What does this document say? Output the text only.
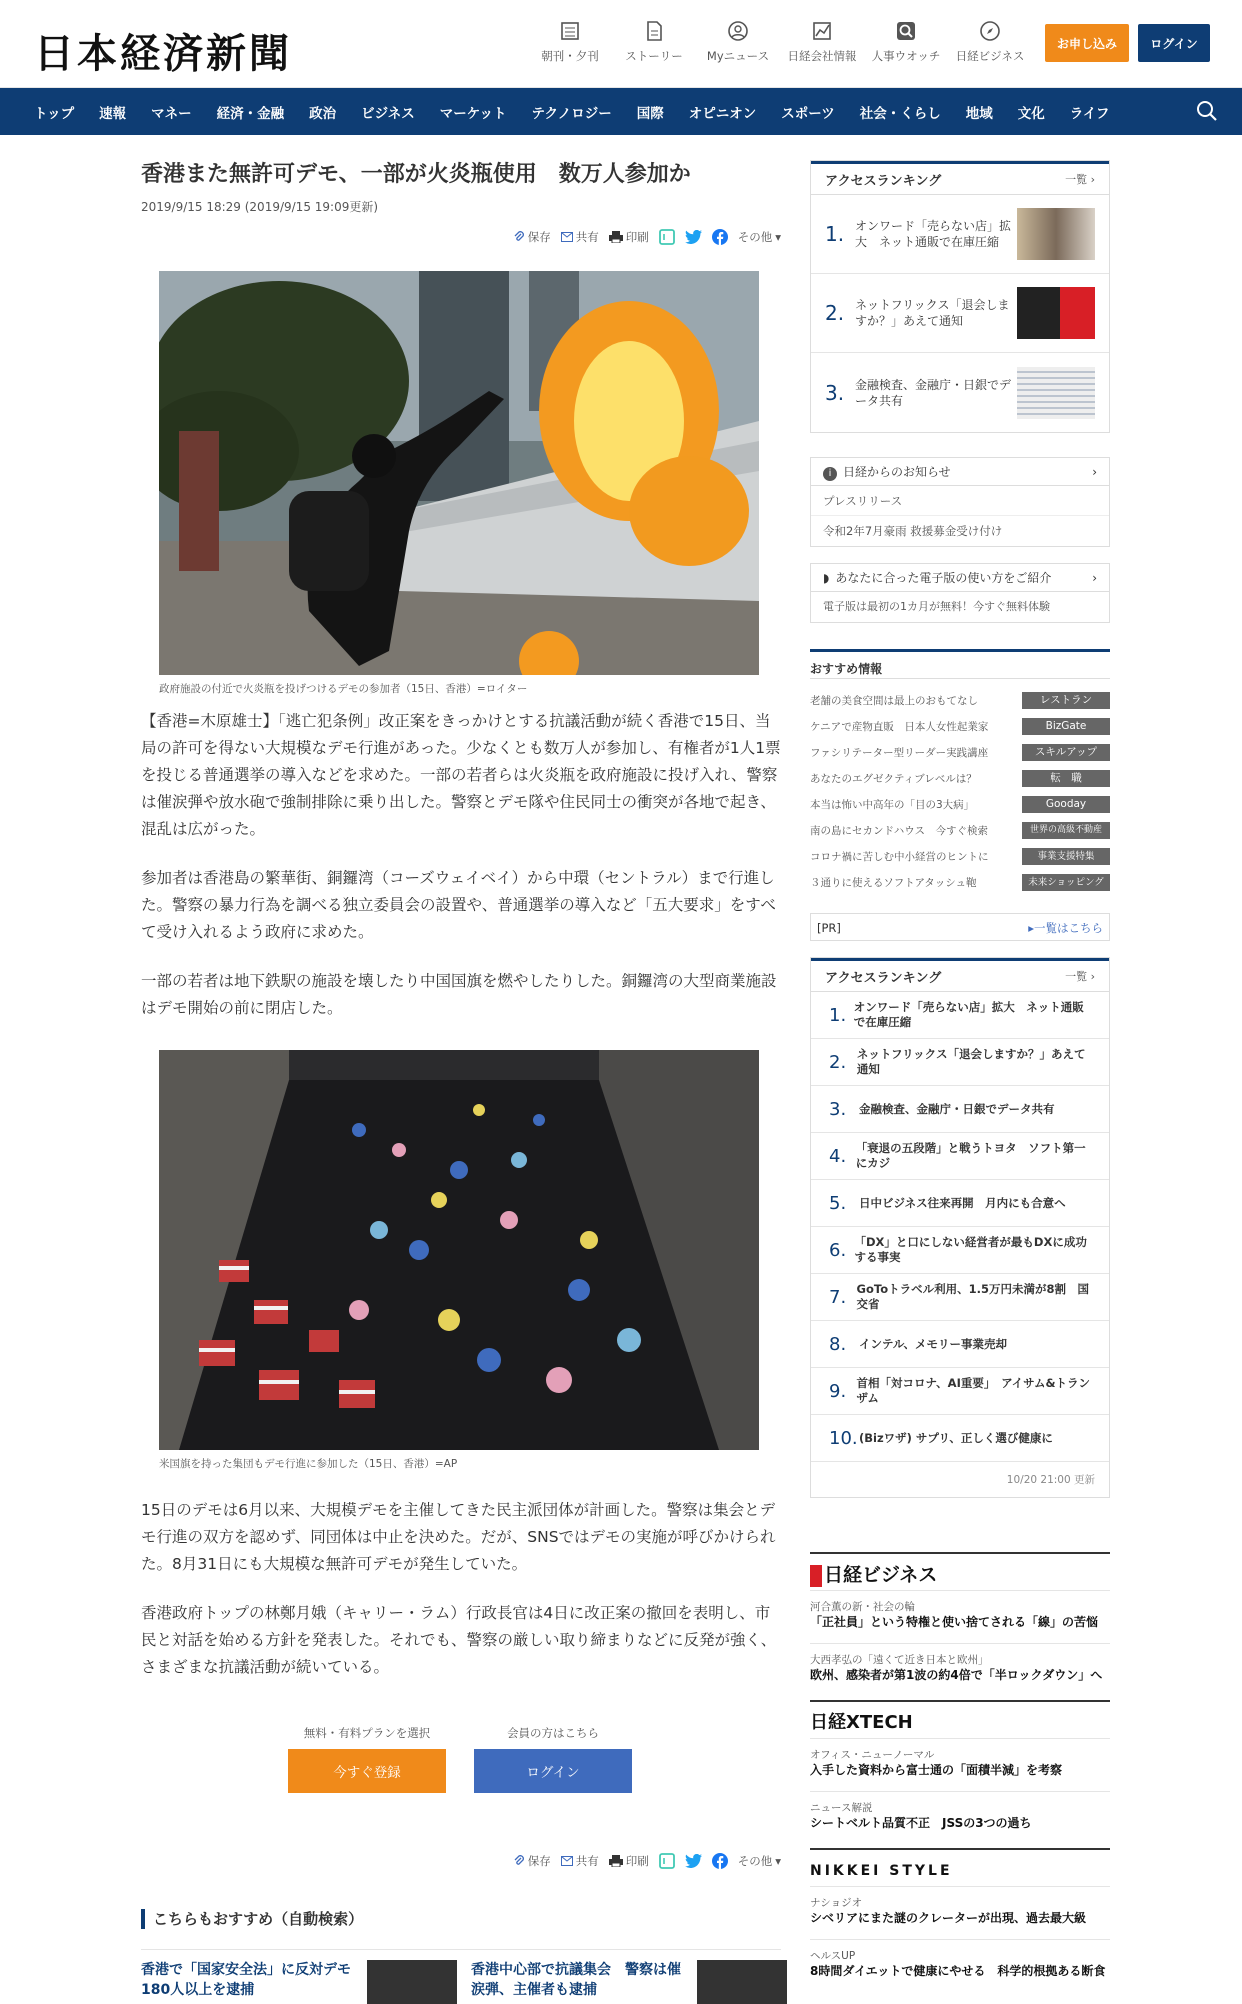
日本経済新聞	朝刊・夕刊	ストーリー	Myニュース	日経会社情報	人事ウオッチ	日経ビジネス
お申し込み	ログイン
トップ 速報 マネー 経済・金融 政治 ビジネス マーケット テクノロジー 国際 オピニオン スポーツ 社会・くらし 地域 文化 ライフ
香港また無許可デモ、一部が火炎瓶使用　数万人参加か
2019/9/15 18:29 (2019/9/15 19:09更新)
保存 共有 印刷	その他 ▾
政府施設の付近で火炎瓶を投げつけるデモの参加者（15日、香港）=ロイター

【香港=木原雄士】「逃亡犯条例」改正案をきっかけとする抗議活動が続く香港で15日、当局の許可を得ない大規模なデモ行進があった。少なくとも数万人が参加し、有権者が1人1票を投じる普通選挙の導入などを求めた。一部の若者らは火炎瓶を政府施設に投げ入れ、警察は催涙弾や放水砲で強制排除に乗り出した。警察とデモ隊や住民同士の衝突が各地で起き、混乱は広がった。

参加者は香港島の繁華街、銅鑼湾（コーズウェイベイ）から中環（セントラル）まで行進した。警察の暴力行為を調べる独立委員会の設置や、普通選挙の導入など「五大要求」をすべて受け入れるよう政府に求めた。

一部の若者は地下鉄駅の施設を壊したり中国国旗を燃やしたりした。銅鑼湾の大型商業施設はデモ開始の前に閉店した。

米国旗を持った集団もデモ行進に参加した（15日、香港）=AP

15日のデモは6月以来、大規模デモを主催してきた民主派団体が計画した。警察は集会とデモ行進の双方を認めず、同団体は中止を決めた。だが、SNSではデモの実施が呼びかけられた。8月31日にも大規模な無許可デモが発生していた。

香港政府トップの林鄭月娥（キャリー・ラム）行政長官は4日に改正案の撤回を表明し、市民と対話を始める方針を発表した。それでも、警察の厳しい取り締まりなどに反発が強く、さまざまな抗議活動が続いている。

無料・有料プランを選択
今すぐ登録
会員の方はこちら
ログイン
保存 共有 印刷	その他 ▾
こちらもおすすめ（自動検索）
香港で「国家安全法」に反対デモ　180人以上を逮捕
香港中心部で抗議集会　警察は催涙弾、主催者も逮捕
アクセスランキング	一覧 ›
1. オンワード「売らない店」拡大　ネット通販で在庫圧縮
2. ネットフリックス「退会しますか？」あえて通知
3. 金融検査、金融庁・日銀でデータ共有
i 日経からのお知らせ	›
プレスリリース
令和2年7月豪雨 救援募金受け付け
◗ あなたに合った電子版の使い方をご紹介	›
電子版は最初の1カ月が無料！今すぐ無料体験
おすすめ情報
老舗の美食空間は最上のおもてなし	レストラン
ケニアで産物直販　日本人女性起業家	BizGate
ファシリテーター型リーダー実践講座	スキルアップ
あなたのエグゼクティブレベルは？	転　職
本当は怖い中高年の「目の3大病」	Gooday
南の島にセカンドハウス　今すぐ検索	世界の高級不動産
コロナ禍に苦しむ中小経営のヒントに	事業支援特集
３通りに使えるソフトアタッシュ鞄	未来ショッピング
[PR]	▸一覧はこちら
アクセスランキング	一覧 ›
1. オンワード「売らない店」拡大　ネット通販で在庫圧縮
2. ネットフリックス「退会しますか？」あえて通知
3.	金融検査、金融庁・日銀でデータ共有
4. 「衰退の五段階」と戦うトヨタ　ソフト第一にカジ
5.	日中ビジネス往来再開　月内にも合意へ
6. 「DX」と口にしない経営者が最もDXに成功する事実
7. GoToトラベル利用、1.5万円未満が8割　国交省
8.	インテル、メモリー事業売却
9. 首相「対コロナ、AI重要」　アイサム&トランザム
10. (Bizワザ) サプリ、正しく選び健康に
10/20 21:00 更新
日経ビジネス
河合薫の新・社会の輪
「正社員」という特権と使い捨てされる「線」の苦悩
大西孝弘の「遠くて近き日本と欧州」
欧州、感染者が第1波の約4倍で「半ロックダウン」へ
日経XTECH
オフィス・ニューノーマル
入手した資料から富士通の「面積半減」を考察
ニュース解説
シートベルト品質不正　JSSの3つの過ち
NIKKEI STYLE
ナショジオ
シベリアにまた謎のクレーターが出現、過去最大級
ヘルスUP
8時間ダイエットで健康にやせる　科学的根拠ある断食
